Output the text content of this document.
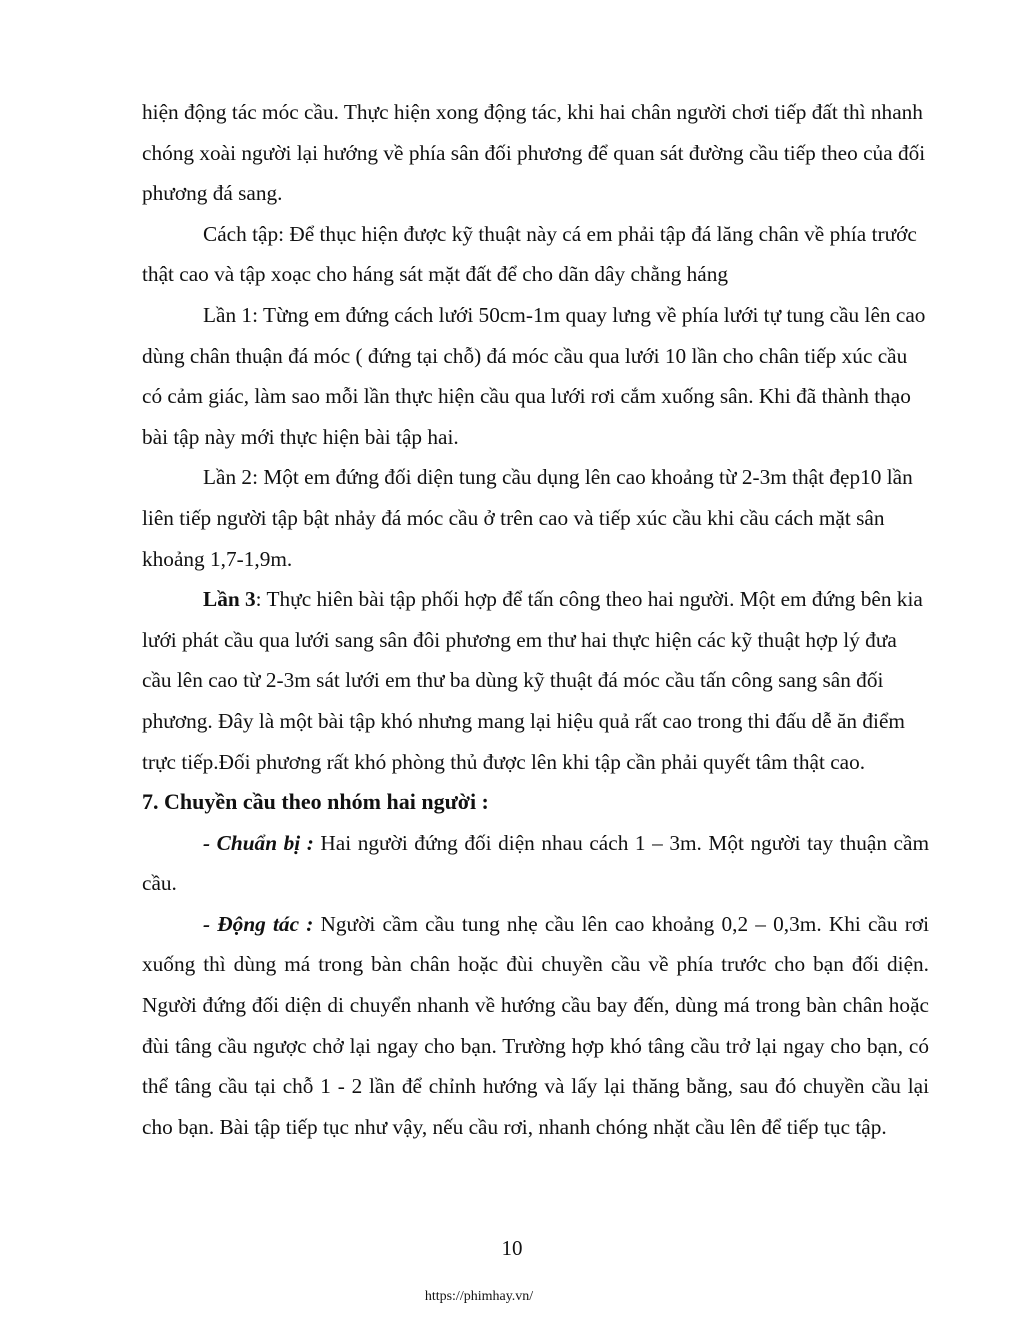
hiện động tác móc cầu. Thực hiện xong động tác, khi hai chân người chơi tiếp đất thì nhanh chóng xoài người lại hướng về phía sân đối phương để quan sát đường cầu tiếp theo của đối phương đá sang.

Cách tập: Để thục hiện được kỹ thuật này cá em phải tập đá lăng chân về phía trước thật cao và tập xoạc cho háng sát mặt đất để cho dãn dây chằng háng

Lần 1: Từng em đứng cách lưới 50cm-1m quay lưng về phía lưới tự tung cầu lên cao dùng chân thuận đá móc ( đứng tại chỗ) đá móc cầu qua lưới 10 lần cho chân tiếp xúc cầu có cảm giác, làm sao mỗi lần thực hiện cầu qua lưới rơi cắm xuống sân. Khi đã thành thạo bài tập này mới thực hiện bài tập hai.

Lần 2: Một em đứng đối diện tung cầu dụng lên cao khoảng từ 2-3m thật đẹp10 lần liên tiếp người tập bật nhảy đá móc cầu ở trên cao và tiếp xúc cầu khi cầu cách mặt sân khoảng 1,7-1,9m.

Lần 3: Thực hiên bài tập phối hợp để tấn công theo hai người. Một em đứng bên kia lưới phát cầu qua lưới sang sân đôi phương em thư hai thực hiện các kỹ thuật hợp lý đưa cầu lên cao từ 2-3m sát lưới em thư ba dùng kỹ thuật đá móc cầu tấn công sang sân đối phương. Đây là một bài tập khó nhưng mang lại hiệu quả rất cao trong thi đấu dễ ăn điểm trực tiếp.Đối phương rất khó phòng thủ được lên khi tập cần phải quyết tâm thật cao.

7. Chuyền cầu theo nhóm hai người :

- Chuẩn bị : Hai người đứng đối diện nhau cách 1 – 3m. Một người tay thuận cầm cầu.

- Động tác : Người cầm cầu tung nhẹ cầu lên cao khoảng 0,2 – 0,3m. Khi cầu rơi xuống thì dùng má trong bàn chân hoặc đùi chuyền cầu về phía trước cho bạn đối diện. Người đứng đối diện di chuyển nhanh về hướng cầu bay đến, dùng má trong bàn chân hoặc đùi tâng cầu ngược chở lại ngay cho bạn. Trường hợp khó tâng cầu trở lại ngay cho bạn, có thể tâng cầu tại chỗ 1 - 2 lần để chỉnh hướng và lấy lại thăng bằng, sau đó chuyền cầu lại cho bạn. Bài tập tiếp tục như vậy, nếu cầu rơi, nhanh chóng nhặt cầu lên để tiếp tục tập.

10
https://phimhay.vn/
